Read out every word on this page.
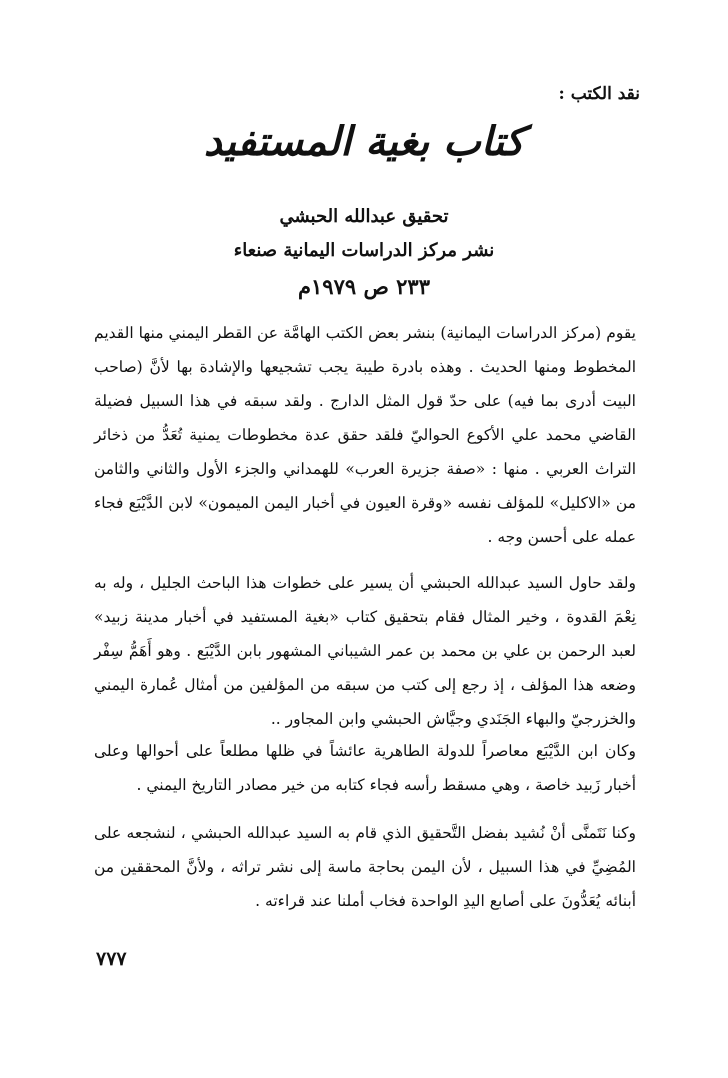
نقد الكتب :
كتاب بغية المستفيد
تحقيق عبدالله الحبشي
نشر مركز الدراسات اليمانية صنعاء
٢٣٣ ص ١٩٧٩م

يقوم (مركز الدراسات اليمانية) بنشر بعض الكتب الهامَّة عن القطر اليمني منها القديم المخطوط ومنها الحديث . وهذه بادرة طيبة يجب تشجيعها والإشادة بها لأنَّ (صاحب البيت أدرى بما فيه) على حدّ قول المثل الدارج . ولقد سبقه في هذا السبيل فضيلة القاضي محمد علي الأكوع الحواليّ فلقد حقق عدة مخطوطات يمنية تُعَدُّ من ذخائر التراث العربي . منها : «صفة جزيرة العرب» للهمداني والجزء الأول والثاني والثامن من «الاكليل» للمؤلف نفسه «وقرة العيون في أخبار اليمن الميمون» لابن الدَّيْبَع فجاء عمله على أحسن وجه .

ولقد حاول السيد عبدالله الحبشي أن يسير على خطوات هذا الباحث الجليل ، وله به نِعْمَ القدوة ، وخير المثال فقام بتحقيق كتاب «بغية المستفيد في أخبار مدينة زبيد» لعبد الرحمن بن علي بن محمد بن عمر الشيباني المشهور بابن الدَّيْبَع . وهو أَهَمُّ سِفْر وضعه هذا المؤلف ، إذ رجع إلى كتب من سبقه من المؤلفين من أمثال عُمارة اليمني والخزرجيّ والبهاء الجَنَدي وجيَّاش الحبشي وابن المجاور ..

وكان ابن الدَّيْبَع معاصراً للدولة الطاهرية عائشاً في ظلها مطلعاً على أحوالها وعلى أخبار زَبيد خاصة ، وهي مسقط رأسه فجاء كتابه من خير مصادر التاريخ اليمني .

وكنا نَتَمنَّى أنْ نُشيد بفضل التَّحقيق الذي قام به السيد عبدالله الحبشي ، لنشجعه على المُضِيِّ في هذا السبيل ، لأن اليمن بحاجة ماسة إلى نشر تراثه ، ولأنَّ المحققين من أبنائه يُعَدُّونَ على أصابع اليدِ الواحدة فخاب أملنا عند قراءته .

٧٧٧
